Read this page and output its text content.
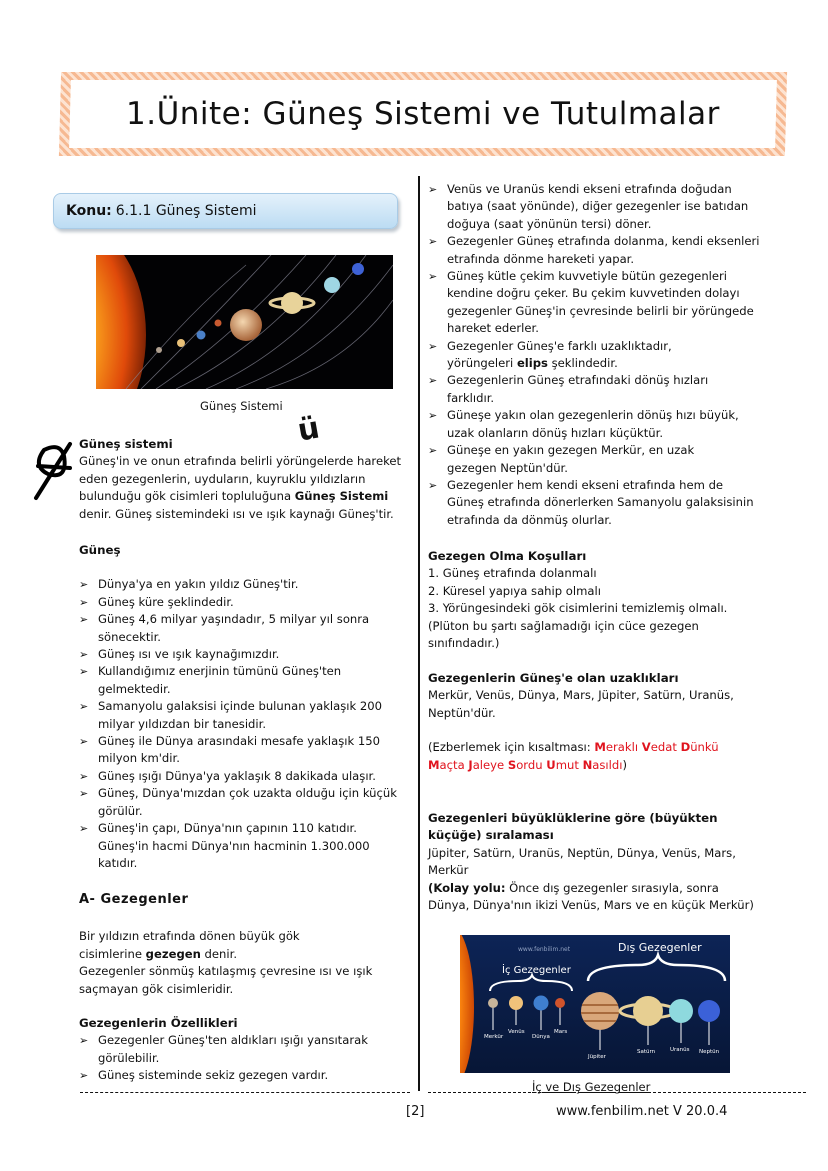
1.Ünite: Güneş Sistemi ve Tutulmalar
Konu: 6.1.1 Güneş Sistemi
Güneş Sistemi
ü

Güneş sistemi

Güneş'in ve onun etrafında belirli yörüngelerde hareket eden gezegenlerin, uyduların, kuyruklu yıldızların bulunduğu gök cisimleri topluluğuna Güneş Sistemi denir. Güneş sistemindeki ısı ve ışık kaynağı Güneş'tir.

Güneş

➢ Dünya'ya en yakın yıldız Güneş'tir.
➢ Güneş küre şeklindedir.
➢ Güneş 4,6 milyar yaşındadır, 5 milyar yıl sonra sönecektir.
➢ Güneş ısı ve ışık kaynağımızdır.
➢ Kullandığımız enerjinin tümünü Güneş'ten gelmektedir.
➢ Samanyolu galaksisi içinde bulunan yaklaşık 200 milyar yıldızdan bir tanesidir.
➢ Güneş ile Dünya arasındaki mesafe yaklaşık 150 milyon km'dir.
➢ Güneş ışığı Dünya'ya yaklaşık 8 dakikada ulaşır.
➢ Güneş, Dünya'mızdan çok uzakta olduğu için küçük görülür.
➢ Güneş'in çapı, Dünya'nın çapının 110 katıdır. Güneş'in hacmi Dünya'nın hacminin 1.300.000 katıdır.

A- Gezegenler

Bir yıldızın etrafında dönen büyük gök cisimlerine gezegen denir.

Gezegenler sönmüş katılaşmış çevresine ısı ve ışık saçmayan gök cisimleridir.

Gezegenlerin Özellikleri

➢ Gezegenler Güneş'ten aldıkları ışığı yansıtarak görülebilir.
➢ Güneş sisteminde sekiz gezegen vardır.
➢ Venüs ve Uranüs kendi ekseni etrafında doğudan batıya (saat yönünde), diğer gezegenler ise batıdan doğuya (saat yönünün tersi) döner.
➢ Gezegenler Güneş etrafında dolanma, kendi eksenleri etrafında dönme hareketi yapar.
➢ Güneş kütle çekim kuvvetiyle bütün gezegenleri kendine doğru çeker. Bu çekim kuvvetinden dolayı gezegenler Güneş'in çevresinde belirli bir yörüngede hareket ederler.
➢ Gezegenler Güneş'e farklı uzaklıktadır, yörüngeleri elips şeklindedir.
➢ Gezegenlerin Güneş etrafındaki dönüş hızları farklıdır.
➢ Güneşe yakın olan gezegenlerin dönüş hızı büyük, uzak olanların dönüş hızları küçüktür.
➢ Güneşe en yakın gezegen Merkür, en uzak gezegen Neptün'dür.
➢ Gezegenler hem kendi ekseni etrafında hem de Güneş etrafında dönerlerken Samanyolu galaksisinin etrafında da dönmüş olurlar.

Gezegen Olma Koşulları

1. Güneş etrafında dolanmalı

2. Küresel yapıya sahip olmalı

3. Yörüngesindeki gök cisimlerini temizlemiş olmalı.

(Plüton bu şartı sağlamadığı için cüce gezegen sınıfındadır.)

Gezegenlerin Güneş'e olan uzaklıkları

Merkür, Venüs, Dünya, Mars, Jüpiter, Satürn, Uranüs, Neptün'dür.

(Ezberlemek için kısaltması: Meraklı Vedat Dünkü Maçta Jaleye Sordu Umut Nasıldı)

Gezegenleri büyüklüklerine göre (büyükten küçüğe) sıralaması

Jüpiter, Satürn, Uranüs, Neptün, Dünya, Venüs, Mars, Merkür

(Kolay yolu: Önce dış gezegenler sırasıyla, sonra Dünya, Dünya'nın ikizi Venüs, Mars ve en küçük Merkür)

www.fenbilim.net
İç Gezegenler
Dış Gezegenler
Merkür
Venüs
Dünya
Mars
Jüpiter
Satürn	Uranüs Neptün
İç ve Dış Gezegenler
[2]	www.fenbilim.net V 20.0.4
